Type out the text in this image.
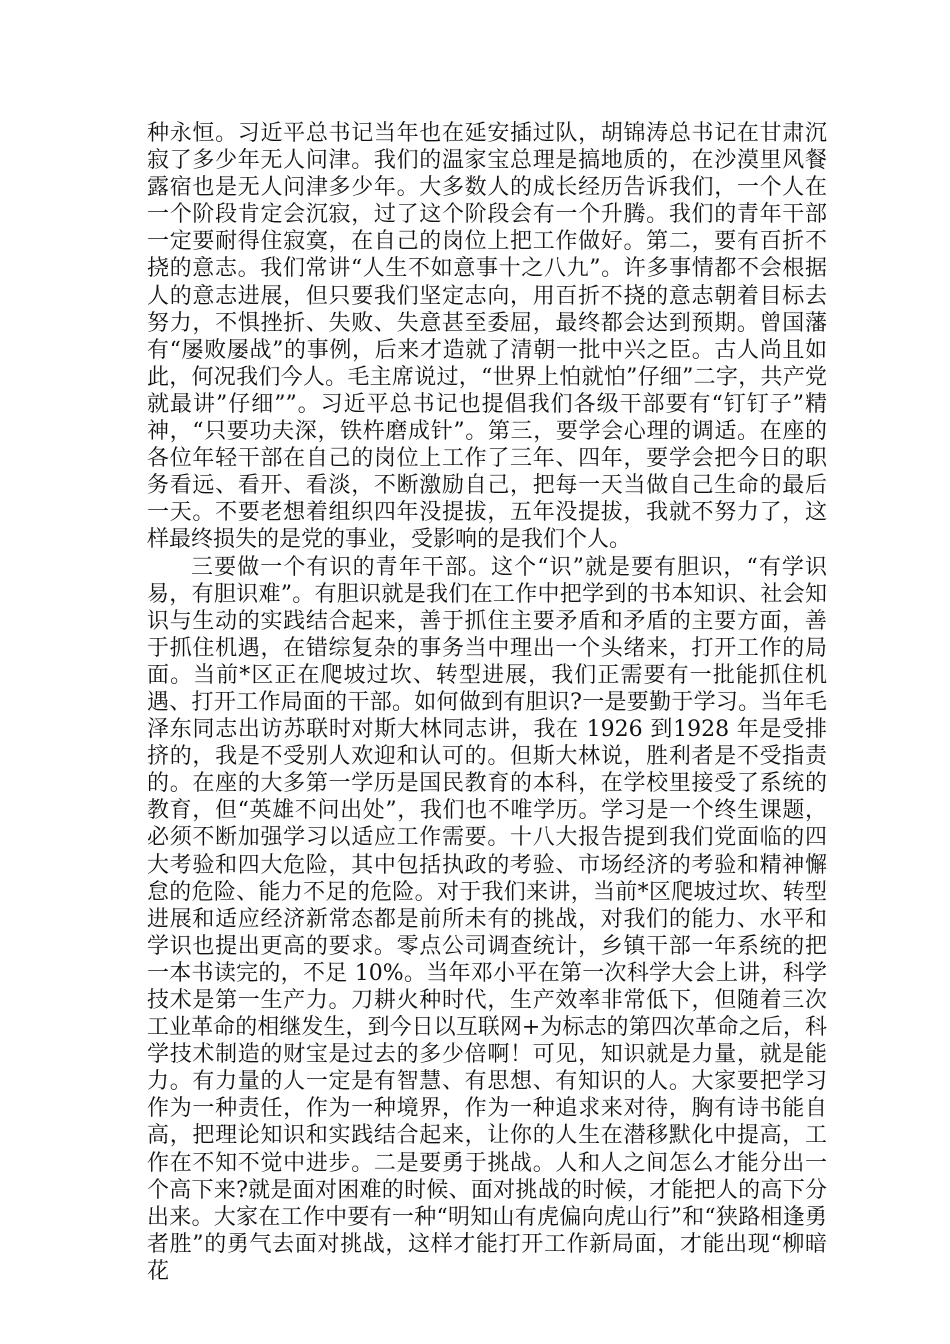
种永恒。习近平总书记当年也在延安插过队，胡锦涛总书记在甘肃沉寂了多少年无人问津。我们的温家宝总理是搞地质的，在沙漠里风餐露宿也是无人问津多少年。大多数人的成长经历告诉我们，一个人在一个阶段肯定会沉寂，过了这个阶段会有一个升腾。我们的青年干部一定要耐得住寂寞，在自己的岗位上把工作做好。第二，要有百折不挠的意志。我们常讲“人生不如意事十之八九”。许多事情都不会根据人的意志进展，但只要我们坚定志向，用百折不挠的意志朝着目标去努力，不惧挫折、失败、失意甚至委屈，最终都会达到预期。曾国藩有“屡败屡战”的事例，后来才造就了清朝一批中兴之臣。古人尚且如此，何况我们今人。毛主席说过，“世界上怕就怕”仔细”二字，共产党就最讲”仔细””。习近平总书记也提倡我们各级干部要有“钉钉子”精神，“只要功夫深，铁杵磨成针”。第三，要学会心理的调适。在座的各位年轻干部在自己的岗位上工作了三年、四年，要学会把今日的职务看远、看开、看淡，不断激励自己，把每一天当做自己生命的最后一天。不要老想着组织四年没提拔，五年没提拔，我就不努力了，这样最终损失的是党的事业，受影响的是我们个人。

三要做一个有识的青年干部。这个“识”就是要有胆识，“有学识易，有胆识难”。有胆识就是我们在工作中把学到的书本知识、社会知识与生动的实践结合起来，善于抓住主要矛盾和矛盾的主要方面，善于抓住机遇，在错综复杂的事务当中理出一个头绪来，打开工作的局面。当前*区正在爬坡过坎、转型进展，我们正需要有一批能抓住机遇、打开工作局面的干部。如何做到有胆识?一是要勤于学习。当年毛泽东同志出访苏联时对斯大林同志讲，我在 1926 到1928 年是受排挤的，我是不受别人欢迎和认可的。但斯大林说，胜利者是不受指责的。在座的大多第一学历是国民教育的本科，在学校里接受了系统的教育，但“英雄不问出处”，我们也不唯学历。学习是一个终生课题，必须不断加强学习以适应工作需要。十八大报告提到我们党面临的四大考验和四大危险，其中包括执政的考验、市场经济的考验和精神懈怠的危险、能力不足的危险。对于我们来讲，当前*区爬坡过坎、转型进展和适应经济新常态都是前所未有的挑战，对我们的能力、水平和学识也提出更高的要求。零点公司调查统计，乡镇干部一年系统的把一本书读完的，不足 10%。当年邓小平在第一次科学大会上讲，科学技术是第一生产力。刀耕火种时代，生产效率非常低下，但随着三次工业革命的相继发生，到今日以互联网+为标志的第四次革命之后，科学技术制造的财宝是过去的多少倍啊！可见，知识就是力量，就是能力。有力量的人一定是有智慧、有思想、有知识的人。大家要把学习作为一种责任，作为一种境界，作为一种追求来对待，胸有诗书能自高，把理论知识和实践结合起来，让你的人生在潜移默化中提高，工作在不知不觉中进步。二是要勇于挑战。人和人之间怎么才能分出一个高下来?就是面对困难的时候、面对挑战的时候，才能把人的高下分出来。大家在工作中要有一种“明知山有虎偏向虎山行”和“狭路相逢勇者胜”的勇气去面对挑战，这样才能打开工作新局面，才能出现“柳暗花
